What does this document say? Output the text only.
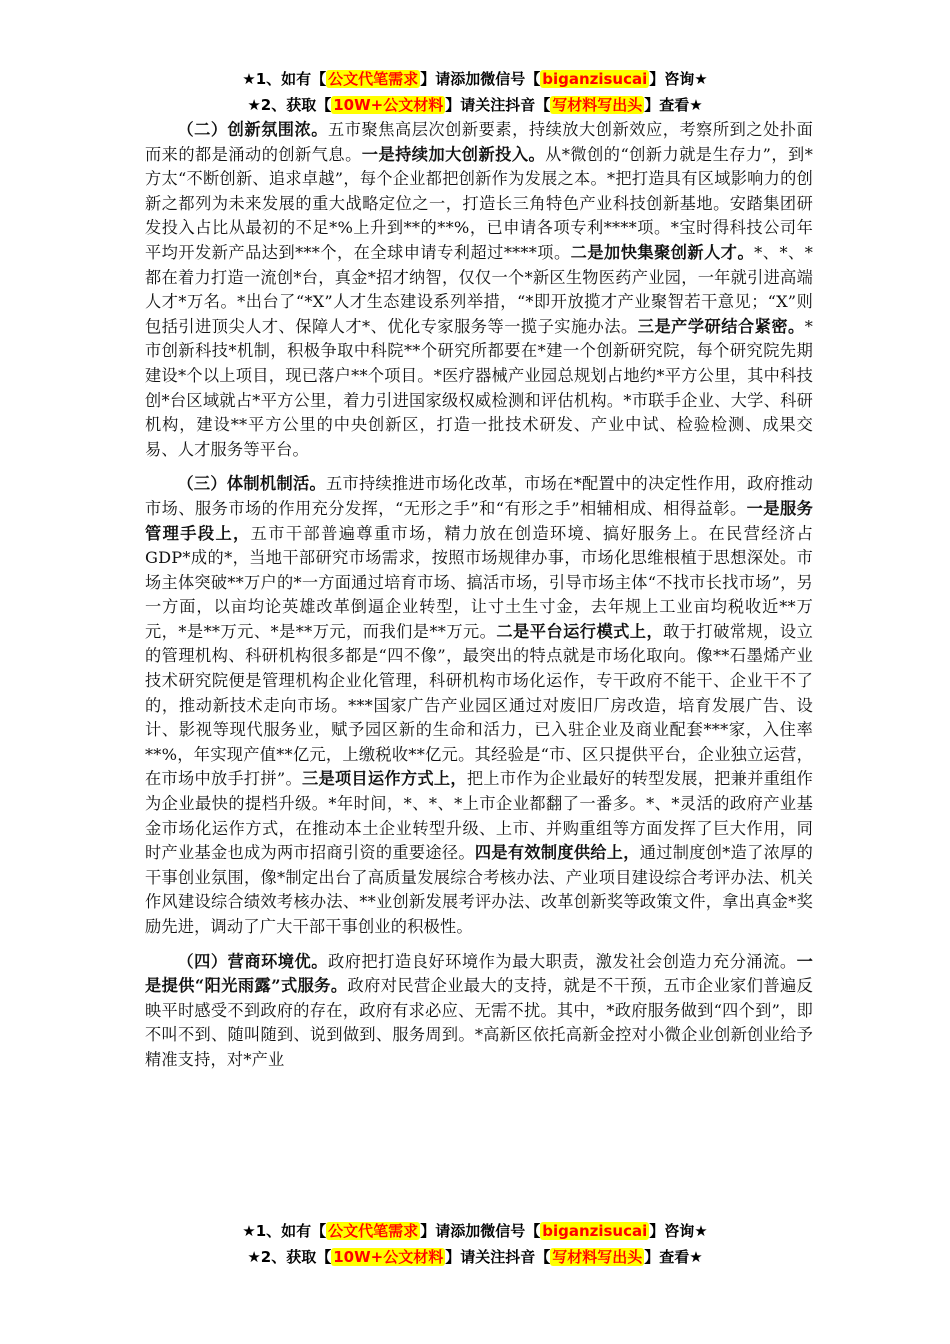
★1、如有【 公文代笔需求 】请添加微信号【 biganzisucai 】咨询★
★2、获取【 10W+公文材料 】请关注抖音【 写材料写出头 】查看★

（二）创新氛围浓。五市聚焦高层次创新要素，持续放大创新效应，考察所到之处扑面而来的都是涌动的创新气息。一是持续加大创新投入。从*微创的“创新力就是生存力”，到*方太“不断创新、追求卓越”，每个企业都把创新作为发展之本。*把打造具有区域影响力的创新之都列为未来发展的重大战略定位之一，打造长三角特色产业科技创新基地。安踏集团研发投入占比从最初的不足*%上升到**的**%，已申请各项专利****项。*宝时得科技公司年平均开发新产品达到***个，在全球申请专利超过****项。二是加快集聚创新人才。*、*、*都在着力打造一流创*台，真金*招才纳智，仅仅一个*新区生物医药产业园，一年就引进高端人才*万名。*出台了“*X”人才生态建设系列举措，“*即开放揽才产业聚智若干意见；“X”则包括引进顶尖人才、保障人才*、优化专家服务等一揽子实施办法。三是产学研结合紧密。*市创新科技*机制，积极争取中科院**个研究所都要在*建一个创新研究院，每个研究院先期建设*个以上项目，现已落户**个项目。*医疗器械产业园总规划占地约*平方公里，其中科技创*台区域就占*平方公里，着力引进国家级权威检测和评估机构。*市联手企业、大学、科研机构，建设**平方公里的中央创新区，打造一批技术研发、产业中试、检验检测、成果交易、人才服务等平台。

（三）体制机制活。五市持续推进市场化改革，市场在*配置中的决定性作用，政府推动市场、服务市场的作用充分发挥，“无形之手”和“有形之手”相辅相成、相得益彰。一是服务管理手段上，五市干部普遍尊重市场，精力放在创造环境、搞好服务上。在民营经济占GDP*成的*，当地干部研究市场需求，按照市场规律办事，市场化思维根植于思想深处。市场主体突破**万户的*一方面通过培育市场、搞活市场，引导市场主体“不找市长找市场”，另一方面，以亩均论英雄改革倒逼企业转型，让寸土生寸金，去年规上工业亩均税收近**万元，*是**万元、*是**万元，而我们是**万元。二是平台运行模式上，敢于打破常规，设立的管理机构、科研机构很多都是“四不像”，最突出的特点就是市场化取向。像**石墨烯产业技术研究院便是管理机构企业化管理，科研机构市场化运作，专干政府不能干、企业干不了的，推动新技术走向市场。***国家广告产业园区通过对废旧厂房改造，培育发展广告、设计、影视等现代服务业，赋予园区新的生命和活力，已入驻企业及商业配套***家，入住率**%，年实现产值**亿元，上缴税收**亿元。其经验是“市、区只提供平台，企业独立运营，在市场中放手打拼”。三是项目运作方式上，把上市作为企业最好的转型发展，把兼并重组作为企业最快的提档升级。*年时间，*、*、*上市企业都翻了一番多。*、*灵活的政府产业基金市场化运作方式，在推动本土企业转型升级、上市、并购重组等方面发挥了巨大作用，同时产业基金也成为两市招商引资的重要途径。四是有效制度供给上，通过制度创*造了浓厚的干事创业氛围，像*制定出台了高质量发展综合考核办法、产业项目建设综合考评办法、机关作风建设综合绩效考核办法、**业创新发展考评办法、改革创新奖等政策文件，拿出真金*奖励先进，调动了广大干部干事创业的积极性。

（四）营商环境优。政府把打造良好环境作为最大职责，激发社会创造力充分涌流。一是提供“阳光雨露”式服务。政府对民营企业最大的支持，就是不干预，五市企业家们普遍反映平时感受不到政府的存在，政府有求必应、无需不扰。其中，*政府服务做到“四个到”，即不叫不到、随叫随到、说到做到、服务周到。*高新区依托高新金控对小微企业创新创业给予精准支持，对*产业

★1、如有【 公文代笔需求 】请添加微信号【 biganzisucai 】咨询★
★2、获取【 10W+公文材料 】请关注抖音【 写材料写出头 】查看★
